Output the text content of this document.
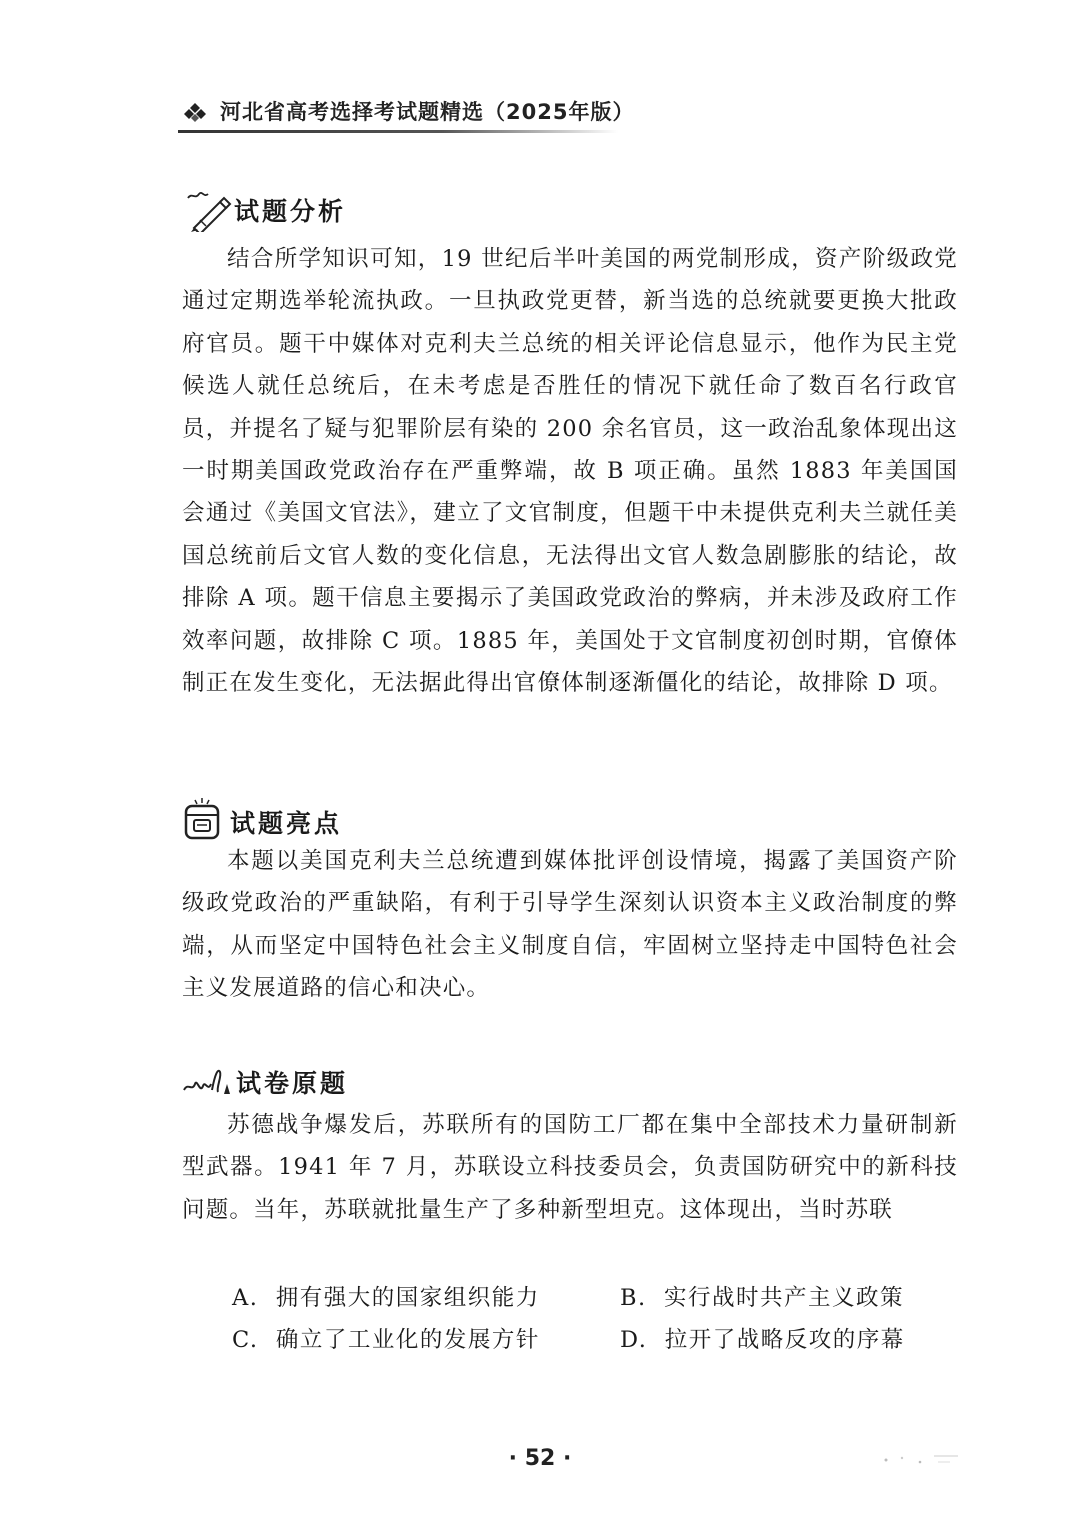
河北省高考选择考试题精选（2025年版）
试题分析

结合所学知识可知，19 世纪后半叶美国的两党制形成，资产阶级政党通过定期选举轮流执政。一旦执政党更替，新当选的总统就要更换大批政府官员。题干中媒体对克利夫兰总统的相关评论信息显示，他作为民主党候选人就任总统后，在未考虑是否胜任的情况下就任命了数百名行政官员，并提名了疑与犯罪阶层有染的 200 余名官员，这一政治乱象体现出这一时期美国政党政治存在严重弊端，故 B 项正确。虽然 1883 年美国国会通过《美国文官法》，建立了文官制度，但题干中未提供克利夫兰就任美国总统前后文官人数的变化信息，无法得出文官人数急剧膨胀的结论，故排除 A 项。题干信息主要揭示了美国政党政治的弊病，并未涉及政府工作效率问题，故排除 C 项。1885 年，美国处于文官制度初创时期，官僚体制正在发生变化，无法据此得出官僚体制逐渐僵化的结论，故排除 D 项。

试题亮点

本题以美国克利夫兰总统遭到媒体批评创设情境，揭露了美国资产阶级政党政治的严重缺陷，有利于引导学生深刻认识资本主义政治制度的弊端，从而坚定中国特色社会主义制度自信，牢固树立坚持走中国特色社会主义发展道路的信心和决心。

试卷原题

苏德战争爆发后，苏联所有的国防工厂都在集中全部技术力量研制新型武器。1941 年 7 月，苏联设立科技委员会，负责国防研究中的新科技问题。当年，苏联就批量生产了多种新型坦克。这体现出，当时苏联

A. 拥有强大的国家组织能力	B. 实行战时共产主义政策
C. 确立了工业化的发展方针	D. 拉开了战略反攻的序幕
· 52 ·
